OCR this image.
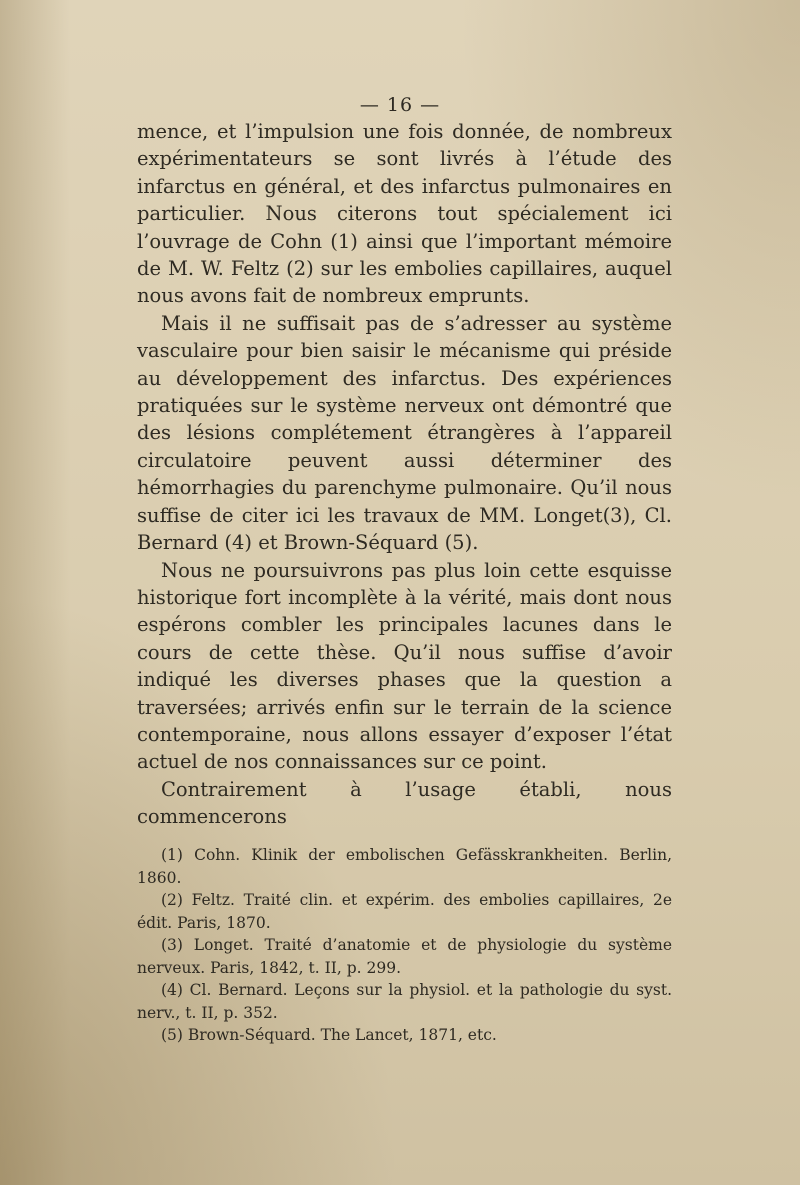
— 16 —

mence, et l’impulsion une fois donnée, de nombreux expérimentateurs se sont livrés à l’étude des infarctus en général, et des infarctus pulmonaires en particulier. Nous citerons tout spécialement ici l’ouvrage de Cohn (1) ainsi que l’important mémoire de M. W. Feltz (2) sur les embolies capillaires, auquel nous avons fait de nombreux emprunts.

Mais il ne suffisait pas de s’adresser au système vasculaire pour bien saisir le mécanisme qui préside au développement des infarctus. Des expériences pratiquées sur le système nerveux ont démontré que des lésions complétement étrangères à l’appareil circulatoire peuvent aussi déterminer des hémorrhagies du parenchyme pulmonaire. Qu’il nous suffise de citer ici les travaux de MM. Longet(3), Cl. Bernard (4) et Brown-Séquard (5).

Nous ne poursuivrons pas plus loin cette esquisse historique fort incomplète à la vérité, mais dont nous espérons combler les principales lacunes dans le cours de cette thèse. Qu’il nous suffise d’avoir indiqué les diverses phases que la question a traversées; arrivés enfin sur le terrain de la science contemporaine, nous allons essayer d’exposer l’état actuel de nos connaissances sur ce point.

Contrairement à l’usage établi, nous commencerons

(1) Cohn. Klinik der embolischen Gefässkrankheiten. Berlin, 1860.

(2) Feltz. Traité clin. et expérim. des embolies capillaires, 2e édit. Paris, 1870.

(3) Longet. Traité d’anatomie et de physiologie du système nerveux. Paris, 1842, t. II, p. 299.

(4) Cl. Bernard. Leçons sur la physiol. et la pathologie du syst. nerv., t. II, p. 352.

(5) Brown-Séquard. The Lancet, 1871, etc.
